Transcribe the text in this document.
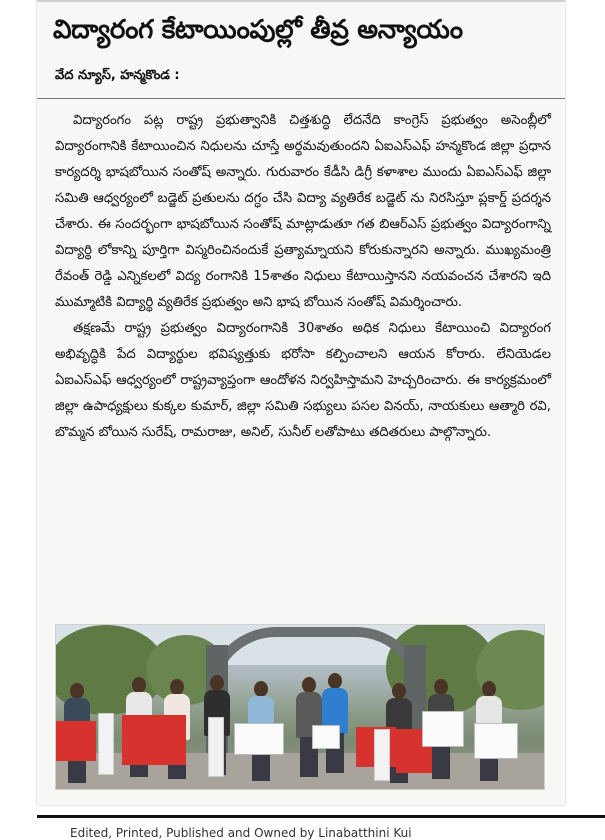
విద్యారంగ కేటాయింపుల్లో తీవ్ర అన్యాయం
వేద న్యూస్, హన్మకొండ :

విద్యారంగం పట్ల రాష్ట్ర ప్రభుత్వానికి చిత్తశుద్ధి లేదనేది కాంగ్రెస్ ప్రభుత్వం అసెంబ్లీలో విద్యారంగానికి కేటాయించిన నిధులను చూస్తే అర్థమవుతుందని ఏఐఎస్ఎఫ్ హన్మకొండ జిల్లా ప్రధాన కార్యదర్శి భాషబోయిన సంతోష్ అన్నారు. గురువారం కేడీసి డిగ్రీ కళాశాల ముందు ఏఐఎస్ఎఫ్ జిల్లా సమితి ఆధ్వర్యంలో బడ్జెట్ ప్రతులను దగ్ధం చేసి విద్యా వ్యతిరేక బడ్జెట్ ను నిరసిస్తూ ప్లకార్డ్ ప్రదర్శన చేశారు. ఈ సందర్భంగా భాషబోయిన సంతోష్ మాట్లాడుతూ గత బిఆర్ఎస్ ప్రభుత్వం విద్యారంగాన్ని విద్యార్థి లోకాన్ని పూర్తిగా విస్మరించినందుకే ప్రత్యామ్నాయని కోరుకున్నారని అన్నారు. ముఖ్యమంత్రి రేవంత్ రెడ్డి ఎన్నికలలో విద్య రంగానికి 15శాతం నిధులు కేటాయిస్తానని నయవంచన చేశారని ఇది ముమ్మాటికి విద్యార్థి వ్యతిరేక ప్రభుత్వం అని భాష బోయిన సంతోష్ విమర్శించారు.

తక్షణమే రాష్ట్ర ప్రభుత్వం విద్యారంగానికి 30శాతం అధిక నిధులు కేటాయించి విద్యారంగ అభివృద్ధికి పేద విద్యార్థుల భవిష్యత్తుకు భరోసా కల్పించాలని ఆయన కోరారు. లేనియెడల ఏఐఎస్ఎఫ్ ఆధ్వర్యంలో రాష్ట్రవ్యాప్తంగా ఆందోళన నిర్వహిస్తామని హెచ్చరించారు. ఈ కార్యక్రమంలో జిల్లా ఉపాధ్యక్షులు కుక్కల కుమార్, జిల్లా సమితి సభ్యులు పసల వినయ్, నాయకులు ఆత్మారి రవి, బొమ్మన బోయిన సురేష్, రామరాజు, అనిల్, సునీల్ లతోపాటు తదితరులు పాల్గొన్నారు.

Edited, Printed, Published and Owned by Linabatthini Kui
